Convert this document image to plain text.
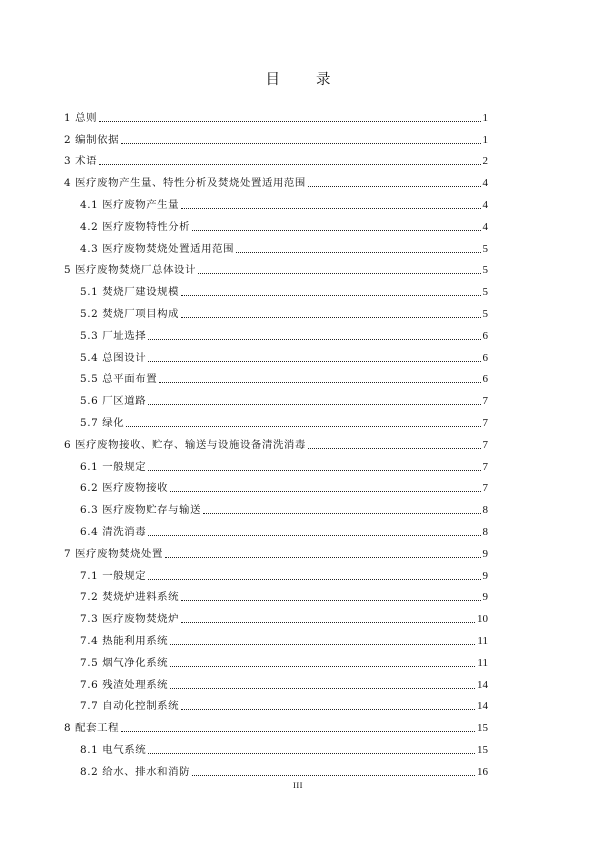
目 录
1 总则	1
2 编制依据	1
3 术语	2
4 医疗废物产生量、特性分析及焚烧处置适用范围	4
4.1 医疗废物产生量	4
4.2 医疗废物特性分析	4
4.3 医疗废物焚烧处置适用范围	5
5 医疗废物焚烧厂总体设计	5
5.1 焚烧厂建设规模	5
5.2 焚烧厂项目构成	5
5.3 厂址选择	6
5.4 总图设计	6
5.5 总平面布置	6
5.6 厂区道路	7
5.7 绿化	7
6 医疗废物接收、贮存、输送与设施设备清洗消毒	7
6.1 一般规定	7
6.2 医疗废物接收	7
6.3 医疗废物贮存与输送	8
6.4 清洗消毒	8
7 医疗废物焚烧处置	9
7.1 一般规定	9
7.2 焚烧炉进料系统	9
7.3 医疗废物焚烧炉	10
7.4 热能利用系统	11
7.5 烟气净化系统	11
7.6 残渣处理系统	14
7.7 自动化控制系统	14
8 配套工程	15
8.1 电气系统	15
8.2 给水、排水和消防	16
III
